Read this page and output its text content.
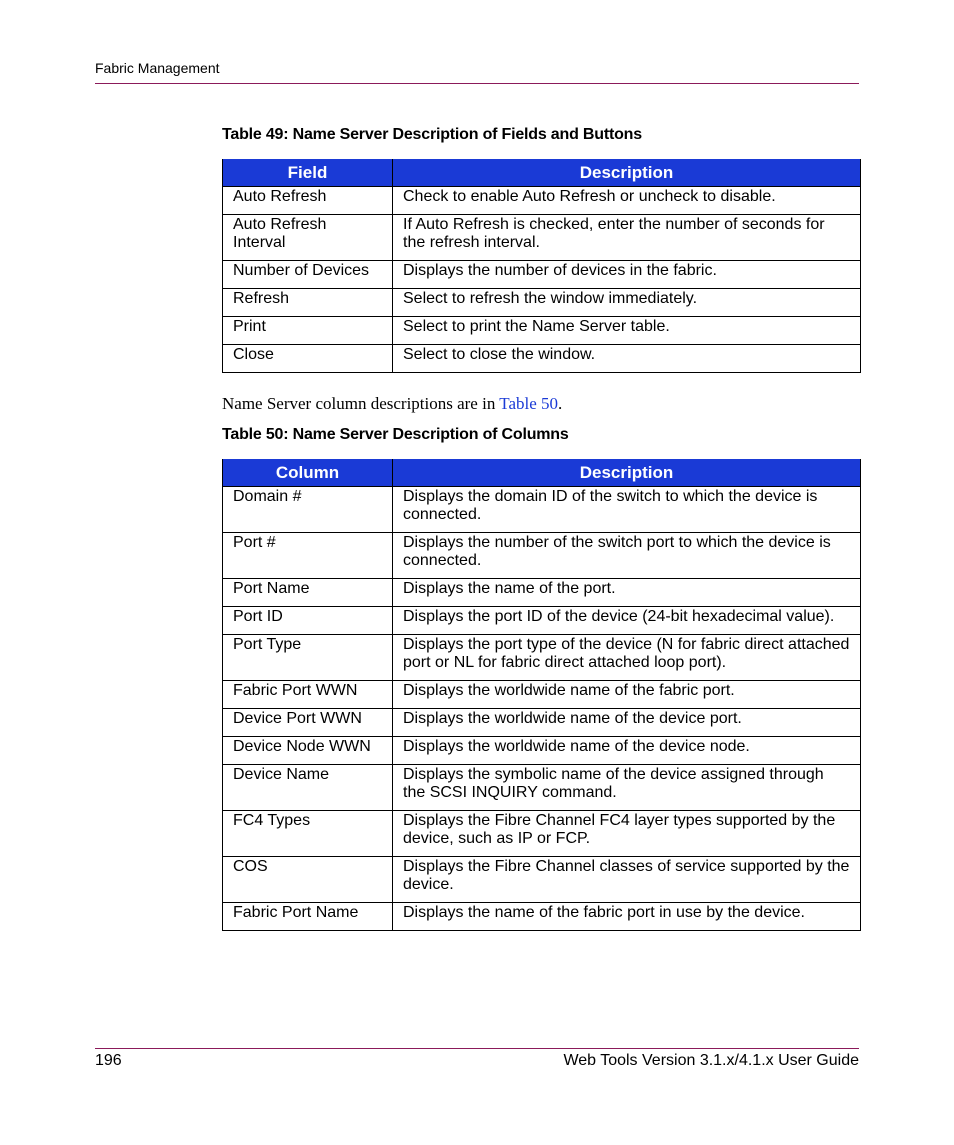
Fabric Management
Table 49: Name Server Description of Fields and Buttons
Field	Description
Auto Refresh	Check to enable Auto Refresh or uncheck to disable.
Auto Refresh Interval	If Auto Refresh is checked, enter the number of seconds for the refresh interval.
Number of Devices	Displays the number of devices in the fabric.
Refresh	Select to refresh the window immediately.
Print	Select to print the Name Server table.
Close	Select to close the window.
Name Server column descriptions are in Table 50.
Table 50: Name Server Description of Columns
Column	Description
Domain #	Displays the domain ID of the switch to which the device is connected.
Port #	Displays the number of the switch port to which the device is connected.
Port Name	Displays the name of the port.
Port ID	Displays the port ID of the device (24-bit hexadecimal value).
Port Type	Displays the port type of the device (N for fabric direct attached port or NL for fabric direct attached loop port).
Fabric Port WWN	Displays the worldwide name of the fabric port.
Device Port WWN	Displays the worldwide name of the device port.
Device Node WWN	Displays the worldwide name of the device node.
Device Name	Displays the symbolic name of the device assigned through the SCSI INQUIRY command.
FC4 Types	Displays the Fibre Channel FC4 layer types supported by the device, such as IP or FCP.
COS	Displays the Fibre Channel classes of service supported by the device.
Fabric Port Name	Displays the name of the fabric port in use by the device.
196	Web Tools Version 3.1.x/4.1.x User Guide
